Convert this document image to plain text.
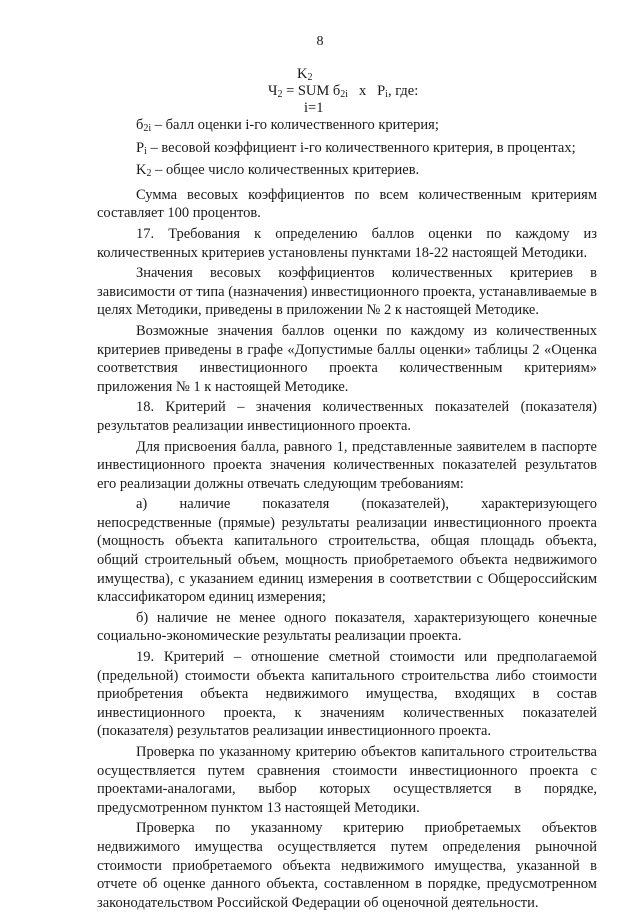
8
$K_2$
$Ч_2$ = SUM $б_{2i}$   x   $P_i$, где:
i=1

$б_{2i}$ – балл оценки i-го количественного критерия;

$P_i$ – весовой коэффициент i-го количественного критерия, в процентах;

$K_2$ – общее число количественных критериев.

Сумма весовых коэффициентов по всем количественным критериям составляет 100 процентов.

17. Требования к определению баллов оценки по каждому из количественных критериев установлены пунктами 18-22 настоящей Методики.

Значения весовых коэффициентов количественных критериев в зависимости от типа (назначения) инвестиционного проекта, устанавливаемые в целях Методики, приведены в приложении № 2 к настоящей Методике.

Возможные значения баллов оценки по каждому из количественных критериев приведены в графе «Допустимые баллы оценки» таблицы 2 «Оценка соответствия инвестиционного проекта количественным критериям» приложения № 1 к настоящей Методике.

18. Критерий – значения количественных показателей (показателя) результатов реализации инвестиционного проекта.

Для присвоения балла, равного 1, представленные заявителем в паспорте инвестиционного проекта значения количественных показателей результатов его реализации должны отвечать следующим требованиям:

а) наличие показателя (показателей), характеризующего непосредственные (прямые) результаты реализации инвестиционного проекта (мощность объекта капитального строительства, общая площадь объекта, общий строительный объем, мощность приобретаемого объекта недвижимого имущества), с указанием единиц измерения в соответствии с Общероссийским классификатором единиц измерения;

б) наличие не менее одного показателя, характеризующего конечные социально-экономические результаты реализации проекта.

19. Критерий – отношение сметной стоимости или предполагаемой (предельной) стоимости объекта капитального строительства либо стоимости приобретения объекта недвижимого имущества, входящих в состав инвестиционного проекта, к значениям количественных показателей (показателя) результатов реализации инвестиционного проекта.

Проверка по указанному критерию объектов капитального строительства осуществляется путем сравнения стоимости инвестиционного проекта с проектами-аналогами, выбор которых осуществляется в порядке, предусмотренном пунктом 13 настоящей Методики.

Проверка по указанному критерию приобретаемых объектов недвижимого имущества осуществляется путем определения рыночной стоимости приобретаемого объекта недвижимого имущества, указанной в отчете об оценке данного объекта, составленном в порядке, предусмотренном законодательством Российской Федерации об оценочной деятельности.
